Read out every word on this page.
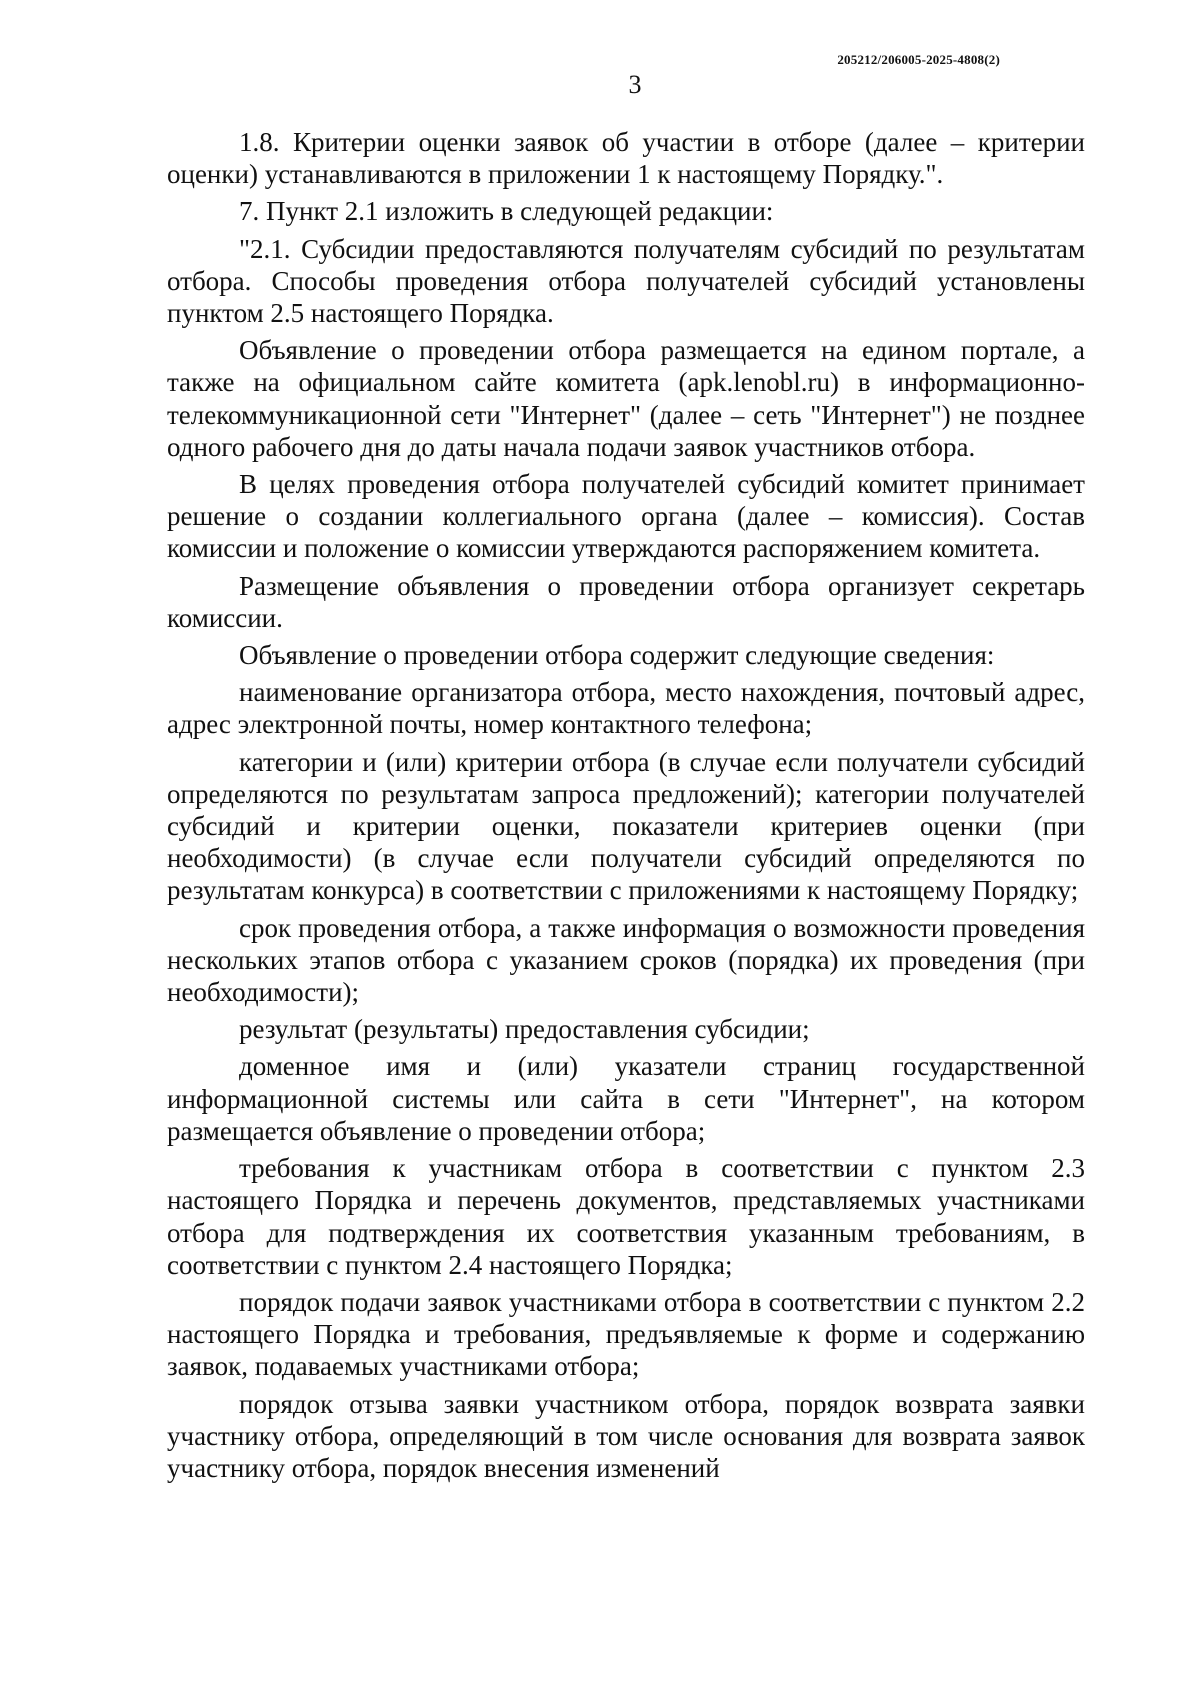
205212/206005-2025-4808(2)
3

1.8. Критерии оценки заявок об участии в отборе (далее – критерии оценки) устанавливаются в приложении 1 к настоящему Порядку.".

7. Пункт 2.1 изложить в следующей редакции:

"2.1. Субсидии предоставляются получателям субсидий по результатам отбора. Способы проведения отбора получателей субсидий установлены пунктом 2.5 настоящего Порядка.

Объявление о проведении отбора размещается на едином портале, а также на официальном сайте комитета (apk.lenobl.ru) в информационно-телекоммуникационной сети "Интернет" (далее – сеть "Интернет") не позднее одного рабочего дня до даты начала подачи заявок участников отбора.

В целях проведения отбора получателей субсидий комитет принимает решение о создании коллегиального органа (далее – комиссия). Состав комиссии и положение о комиссии утверждаются распоряжением комитета.

Размещение объявления о проведении отбора организует секретарь комиссии.

Объявление о проведении отбора содержит следующие сведения:

наименование организатора отбора, место нахождения, почтовый адрес, адрес электронной почты, номер контактного телефона;

категории и (или) критерии отбора (в случае если получатели субсидий определяются по результатам запроса предложений); категории получателей субсидий и критерии оценки, показатели критериев оценки (при необходимости) (в случае если получатели субсидий определяются по результатам конкурса) в соответствии с приложениями к настоящему Порядку;

срок проведения отбора, а также информация о возможности проведения нескольких этапов отбора с указанием сроков (порядка) их проведения (при необходимости);

результат (результаты) предоставления субсидии;

доменное имя и (или) указатели страниц государственной информационной системы или сайта в сети "Интернет", на котором размещается объявление о проведении отбора;

требования к участникам отбора в соответствии с пунктом 2.3 настоящего Порядка и перечень документов, представляемых участниками отбора для подтверждения их соответствия указанным требованиям, в соответствии с пунктом 2.4 настоящего Порядка;

порядок подачи заявок участниками отбора в соответствии с пунктом 2.2 настоящего Порядка и требования, предъявляемые к форме и содержанию заявок, подаваемых участниками отбора;

порядок отзыва заявки участником отбора, порядок возврата заявки участнику отбора, определяющий в том числе основания для возврата заявок участнику отбора, порядок внесения изменений
